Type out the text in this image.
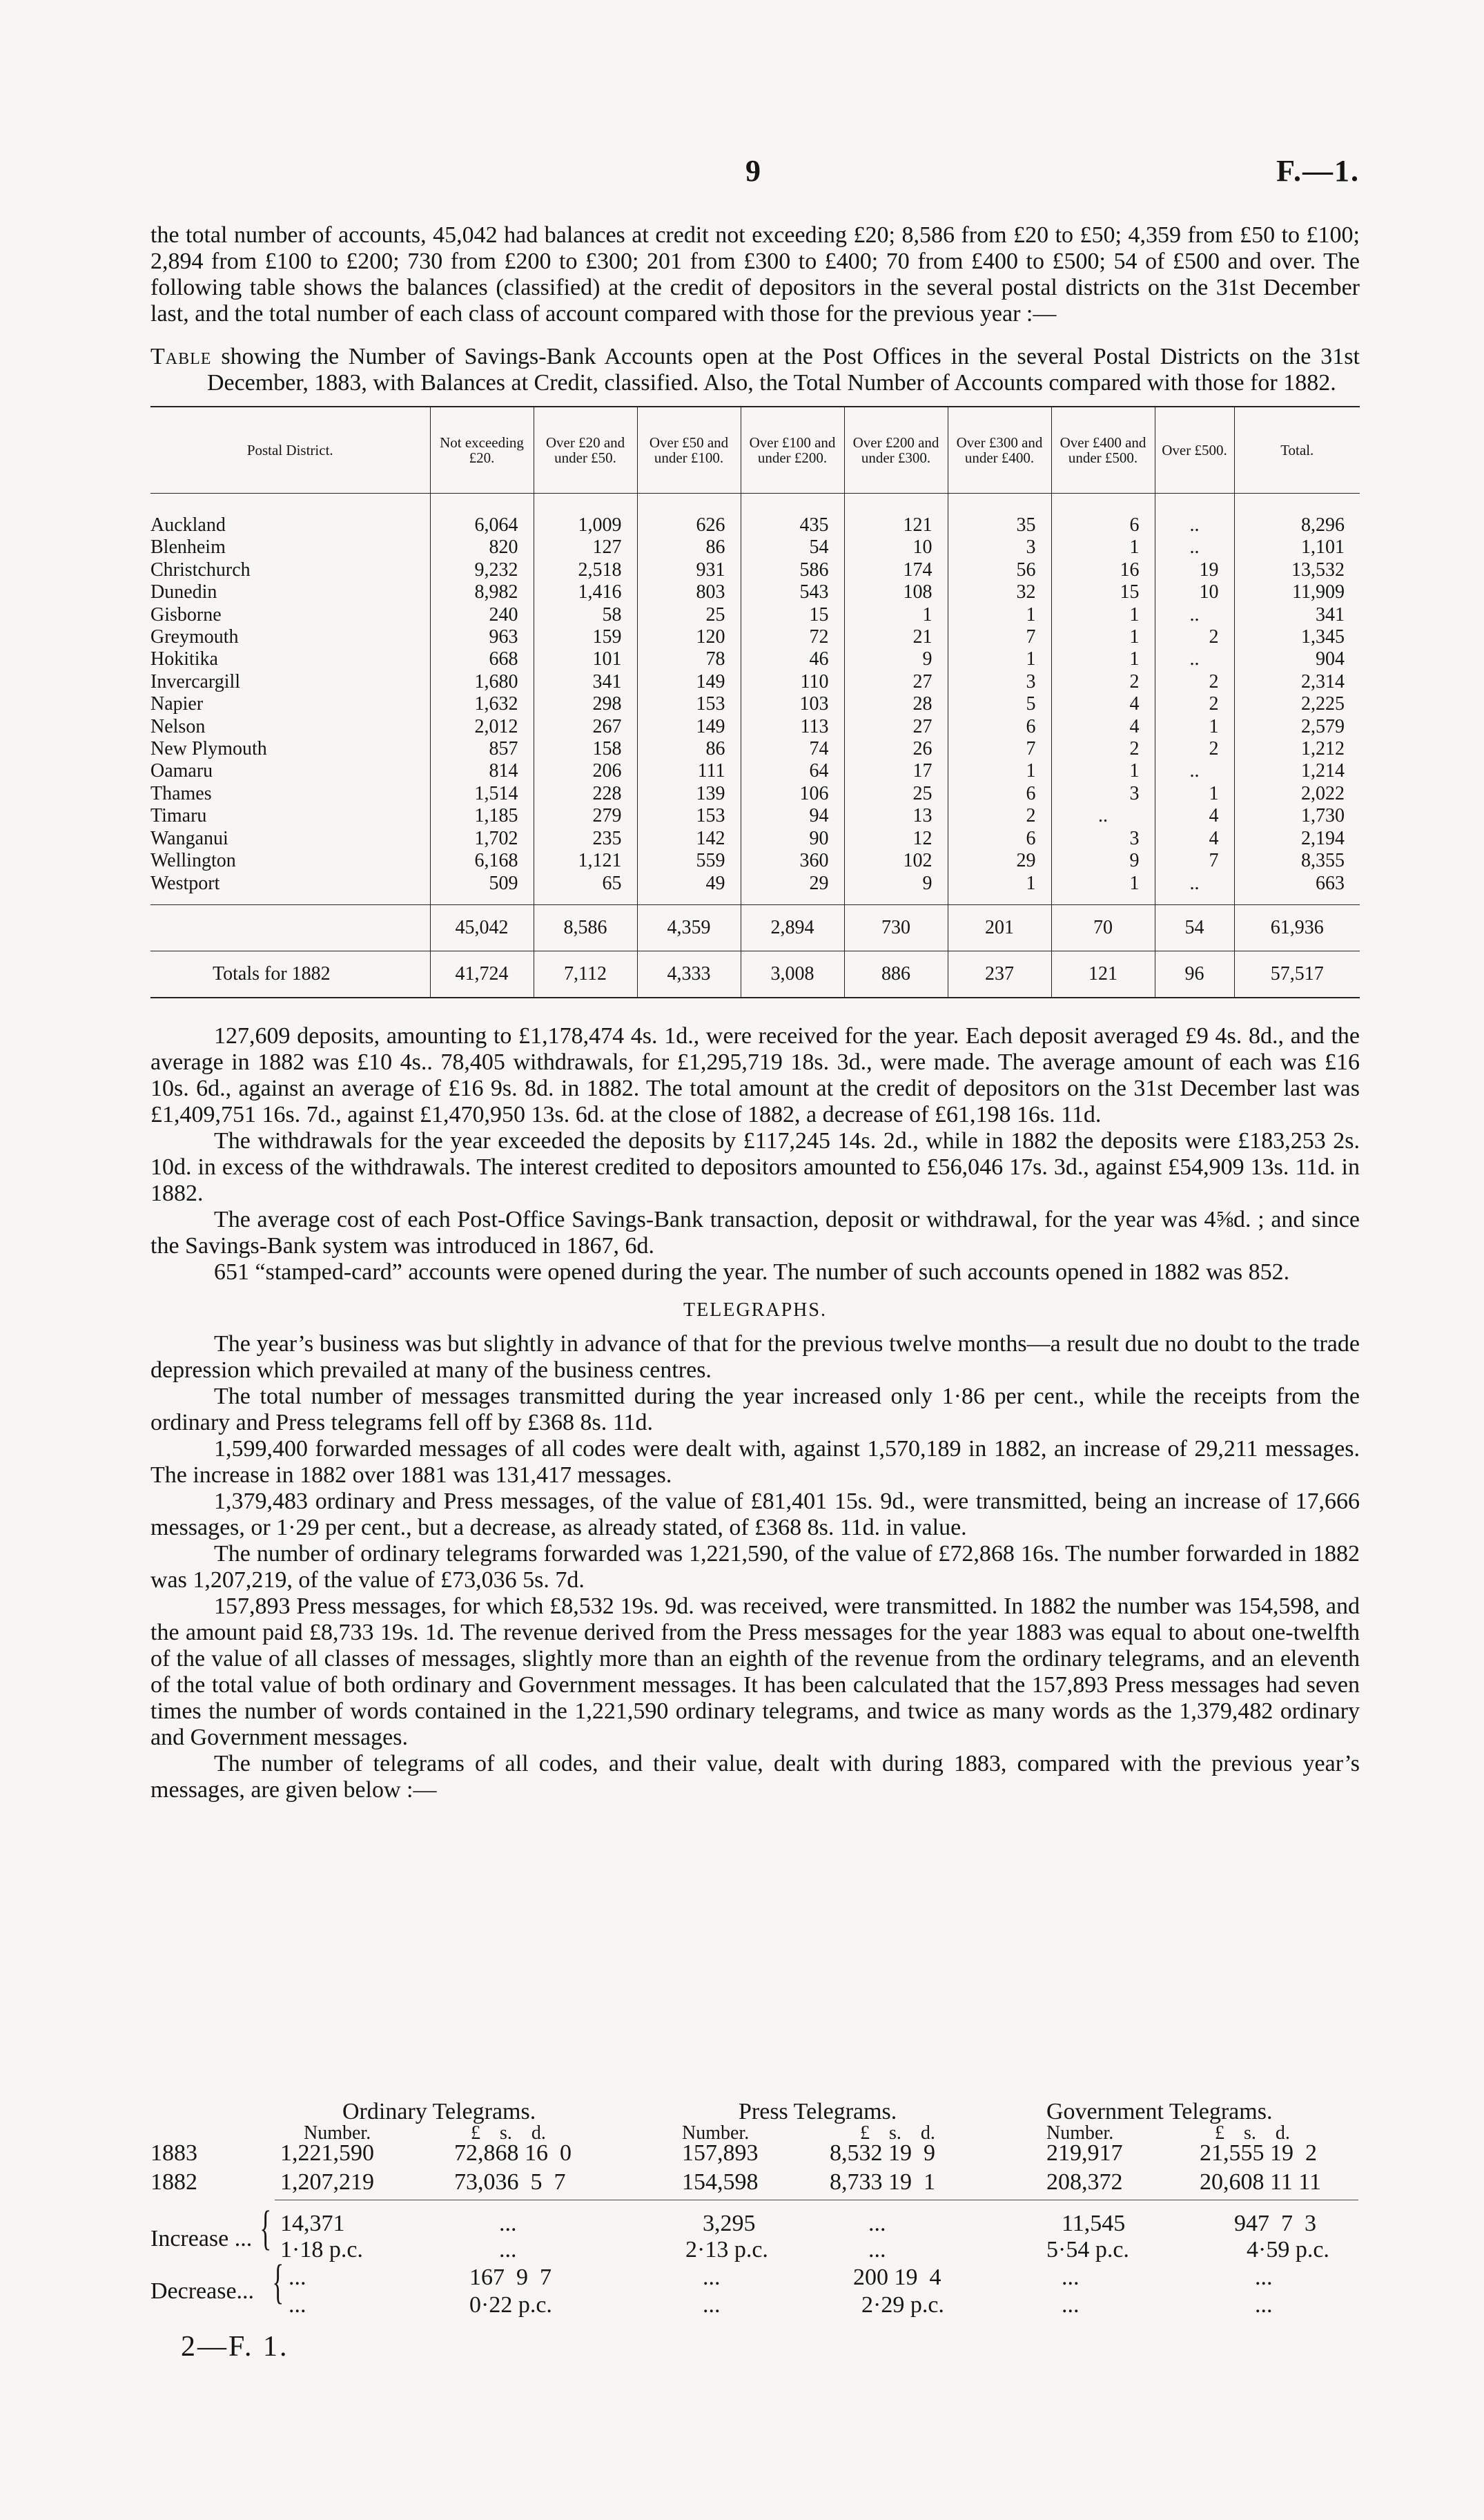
9	F.—1.

the total number of accounts, 45,042 had balances at credit not exceeding £20; 8,586 from £20 to £50; 4,359 from £50 to £100; 2,894 from £100 to £200; 730 from £200 to £300; 201 from £300 to £400; 70 from £400 to £500; 54 of £500 and over. The following table shows the balances (classified) at the credit of depositors in the several postal districts on the 31st December last, and the total number of each class of account compared with those for the previous year :—

Table showing the Number of Savings-Bank Accounts open at the Post Offices in the several Postal Districts on the 31st December, 1883, with Balances at Credit, classified. Also, the Total Number of Accounts compared with those for 1882.
Postal District.	Not exceeding £20.	Over £20 and under £50.	Over £50 and under £100.	Over £100 and under £200.	Over £200 and under £300.	Over £300 and under £400.	Over £400 and under £500.	Over £500.	Total.

Auckland	6,064	1,009	626	435	121	35	6	..	8,296
Blenheim	820	127	86	54	10	3	1	..	1,101
Christchurch	9,232	2,518	931	586	174	56	16	19	13,532
Dunedin	8,982	1,416	803	543	108	32	15	10	11,909
Gisborne	240	58	25	15	1	1	1	..	341
Greymouth	963	159	120	72	21	7	1	2	1,345
Hokitika	668	101	78	46	9	1	1	..	904
Invercargill	1,680	341	149	110	27	3	2	2	2,314
Napier	1,632	298	153	103	28	5	4	2	2,225
Nelson	2,012	267	149	113	27	6	4	1	2,579
New Plymouth	857	158	86	74	26	7	2	2	1,212
Oamaru	814	206	111	64	17	1	1	..	1,214
Thames	1,514	228	139	106	25	6	3	1	2,022
Timaru	1,185	279	153	94	13	2	..	4	1,730
Wanganui	1,702	235	142	90	12	6	3	4	2,194
Wellington	6,168	1,121	559	360	102	29	9	7	8,355
Westport	509	65	49	29	9	1	1	..	663

	45,042	8,586	4,359	2,894	730	201	70	54	61,936
Totals for 1882	41,724	7,112	4,333	3,008	886	237	121	96	57,517

127,609 deposits, amounting to £1,178,474 4s. 1d., were received for the year. Each deposit averaged £9 4s. 8d., and the average in 1882 was £10 4s.. 78,405 withdrawals, for £1,295,719 18s. 3d., were made. The average amount of each was £16 10s. 6d., against an average of £16 9s. 8d. in 1882. The total amount at the credit of depositors on the 31st December last was £1,409,751 16s. 7d., against £1,470,950 13s. 6d. at the close of 1882, a decrease of £61,198 16s. 11d.

The withdrawals for the year exceeded the deposits by £117,245 14s. 2d., while in 1882 the deposits were £183,253 2s. 10d. in excess of the withdrawals. The interest credited to depositors amounted to £56,046 17s. 3d., against £54,909 13s. 11d. in 1882.

The average cost of each Post-Office Savings-Bank transaction, deposit or withdrawal, for the year was 4⅝d. ; and since the Savings-Bank system was introduced in 1867, 6d.

651 “stamped-card” accounts were opened during the year. The number of such accounts opened in 1882 was 852.

TELEGRAPHS.

The year’s business was but slightly in advance of that for the previous twelve months—a result due no doubt to the trade depression which prevailed at many of the business centres.

The total number of messages transmitted during the year increased only 1·86 per cent., while the receipts from the ordinary and Press telegrams fell off by £368 8s. 11d.

1,599,400 forwarded messages of all codes were dealt with, against 1,570,189 in 1882, an increase of 29,211 messages. The increase in 1882 over 1881 was 131,417 messages.

1,379,483 ordinary and Press messages, of the value of £81,401 15s. 9d., were transmitted, being an increase of 17,666 messages, or 1·29 per cent., but a decrease, as already stated, of £368 8s. 11d. in value.

The number of ordinary telegrams forwarded was 1,221,590, of the value of £72,868 16s. The number forwarded in 1882 was 1,207,219, of the value of £73,036 5s. 7d.

157,893 Press messages, for which £8,532 19s. 9d. was received, were transmitted. In 1882 the number was 154,598, and the amount paid £8,733 19s. 1d. The revenue derived from the Press messages for the year 1883 was equal to about one-twelfth of the value of all classes of messages, slightly more than an eighth of the revenue from the ordinary telegrams, and an eleventh of the total value of both ordinary and Government messages. It has been calculated that the 157,893 Press messages had seven times the number of words contained in the 1,221,590 ordinary telegrams, and twice as many words as the 1,379,482 ordinary and Government messages.

The number of telegrams of all codes, and their value, dealt with during 1883, compared with the previous year’s messages, are given below :—

Ordinary Telegrams.	Press Telegrams.	Government Telegrams.
Number.	£    s.    d.	Number.	£    s.    d.	Number.	£    s.    d.
1883	1,221,590	72,868 16  0	157,893	8,532 19  9	219,917	21,555 19  2
1882	1,207,219	73,036  5  7	154,598	8,733 19  1	208,372	20,608 11 11
Increase ... { 14,371	...	3,295	...	11,545	947  7  3
1·18 p.c.	...	2·13 p.c.	...	5·54 p.c.	4·59 p.c.
Decrease... { ...	167  9  7	...	200 19  4	...	...
...	0·22 p.c.	...	2·29 p.c.	...	...
2—F. 1.
